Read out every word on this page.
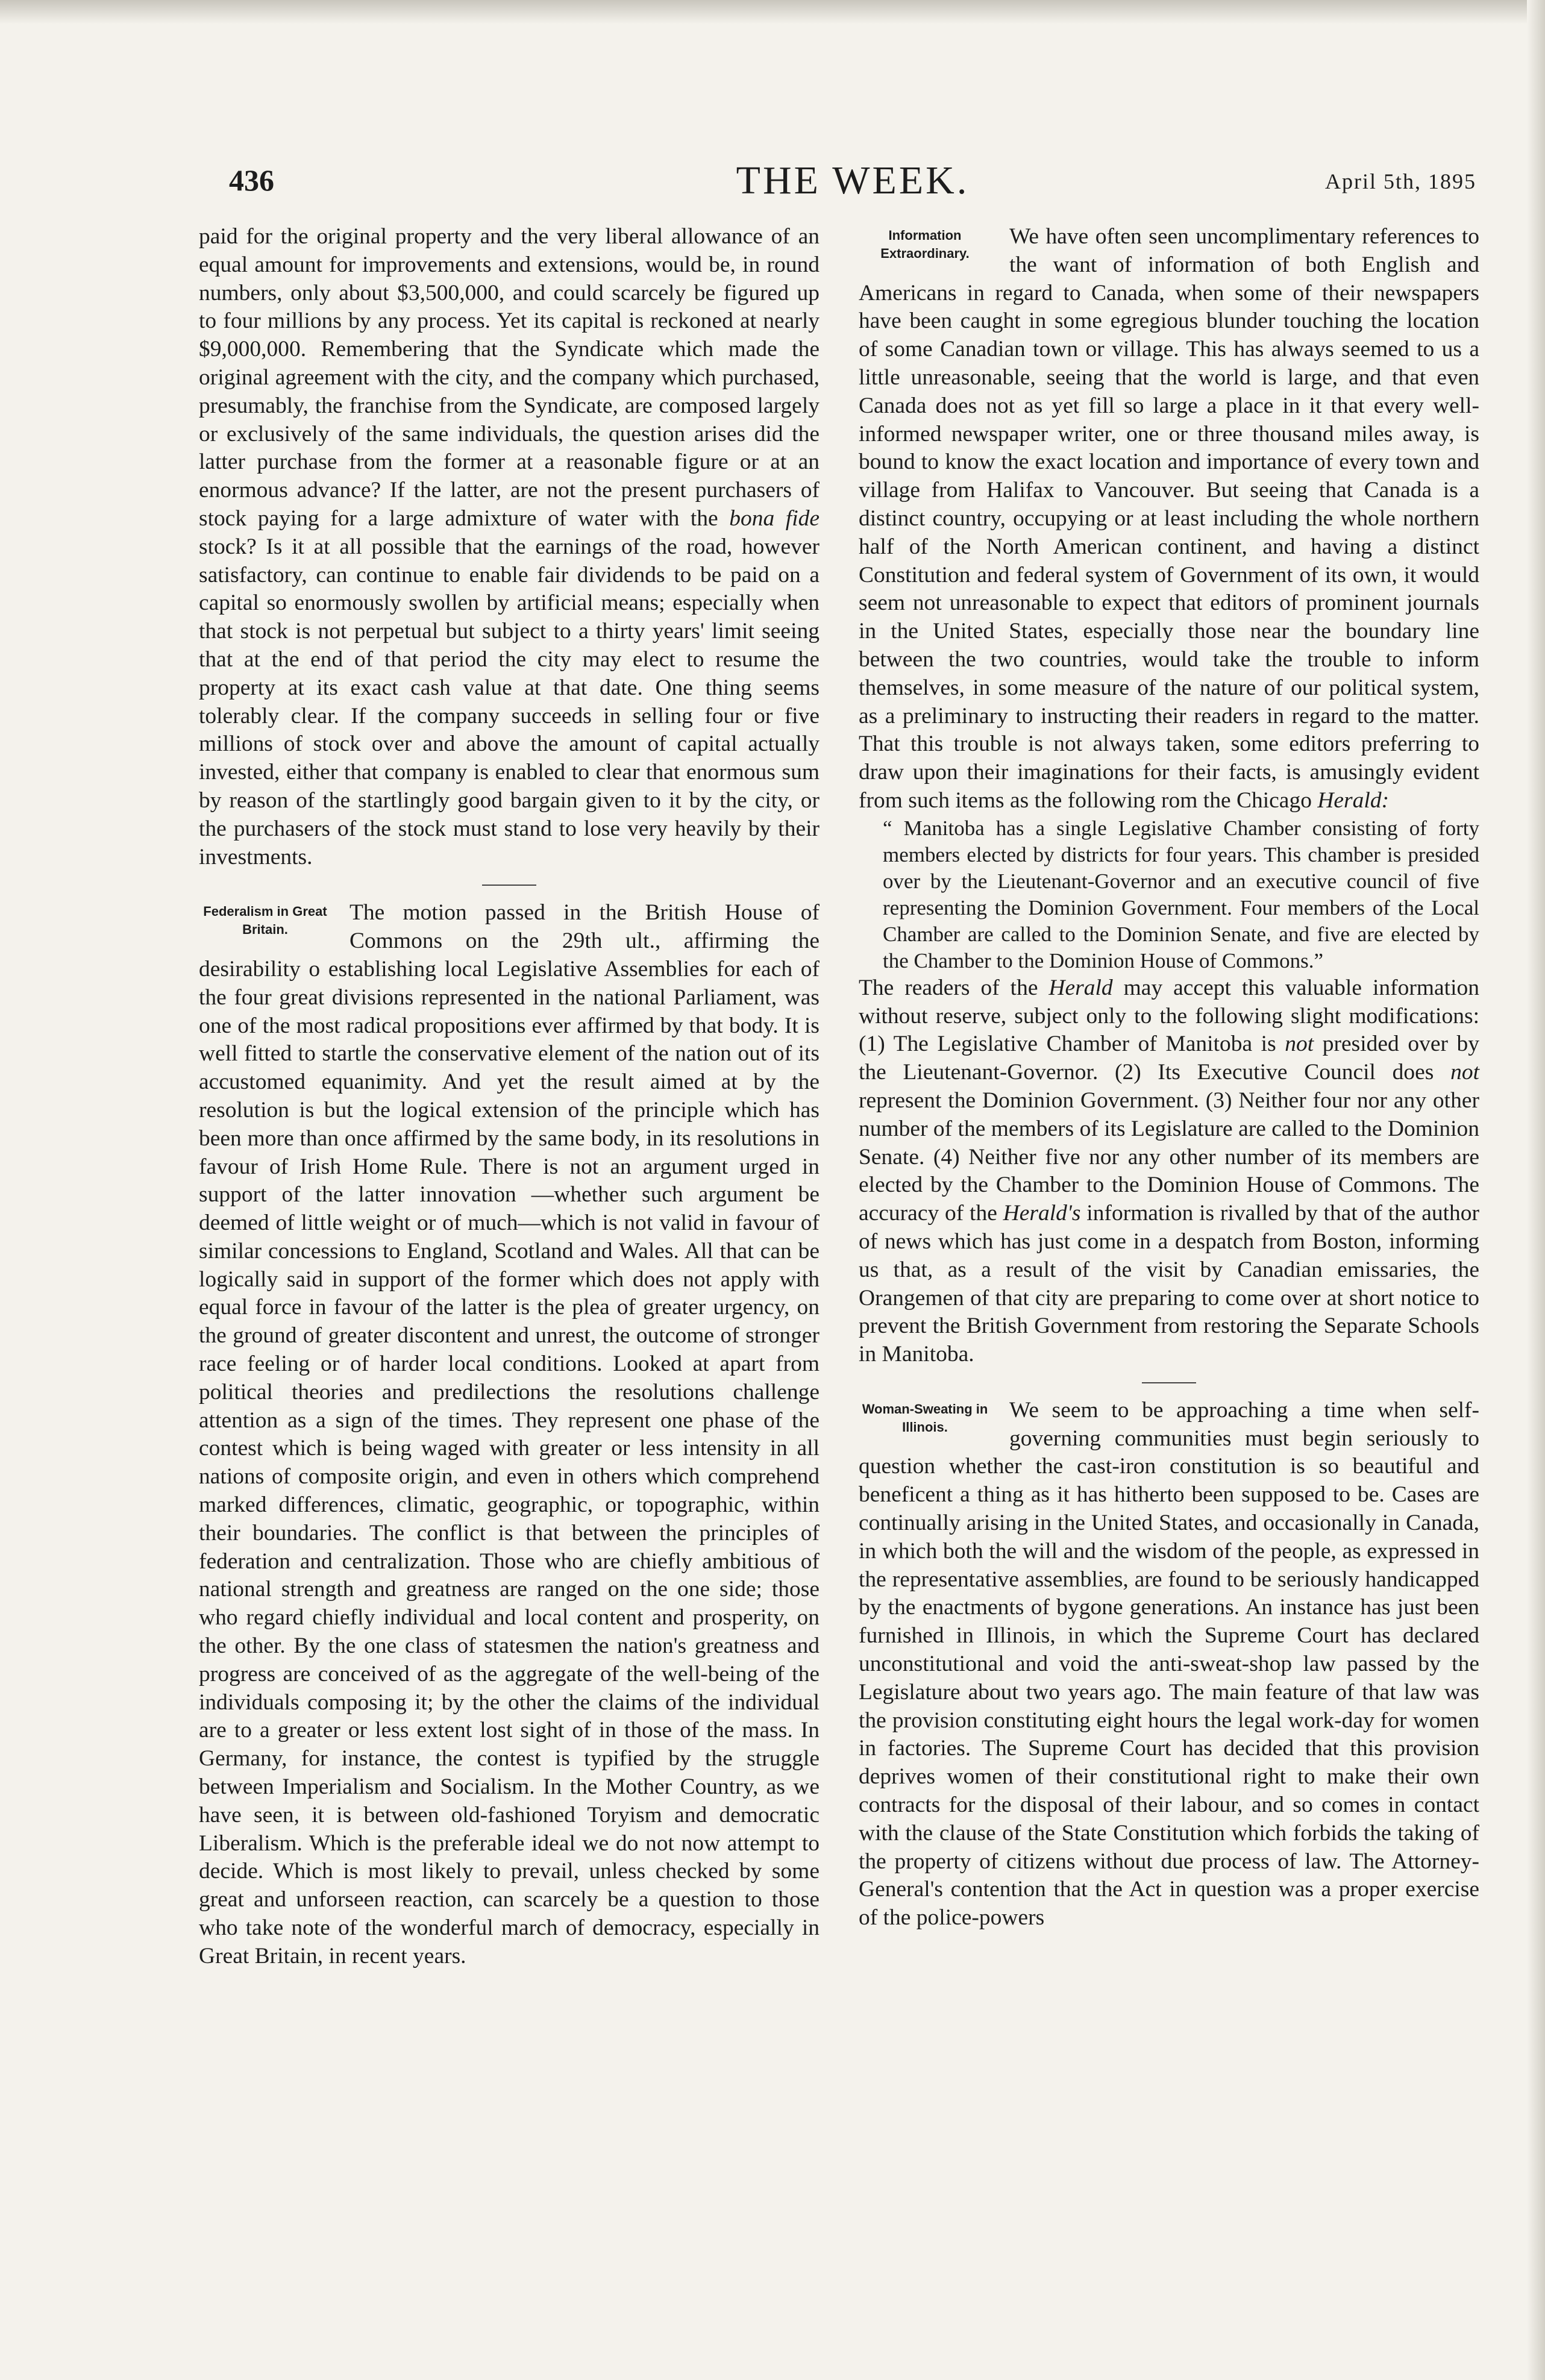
436	THE WEEK.	April 5th, 1895

paid for the original property and the very liberal allowance of an equal amount for improvements and extensions, would be, in round numbers, only about $3,500,000, and could scarcely be figured up to four millions by any process. Yet its capital is reckoned at nearly $9,000,000. Remembering that the Syndicate which made the original agreement with the city, and the company which purchased, presumably, the franchise from the Syndicate, are composed largely or exclusively of the same individuals, the question arises did the latter purchase from the former at a reasonable figure or at an enormous advance? If the latter, are not the present purchasers of stock paying for a large admixture of water with the bona fide stock? Is it at all possible that the earnings of the road, however satisfactory, can continue to enable fair dividends to be paid on a capital so enormously swollen by artificial means; especially when that stock is not perpetual but subject to a thirty years' limit seeing that at the end of that period the city may elect to resume the property at its exact cash value at that date. One thing seems tolerably clear. If the company succeeds in selling four or five millions of stock over and above the amount of capital actually invested, either that company is enabled to clear that enormous sum by reason of the startlingly good bargain given to it by the city, or the purchasers of the stock must stand to lose very heavily by their investments.

Federalism in Great Britain.

The motion passed in the British House of Commons on the 29th ult., affirming the desirability o establishing local Legislative Assemblies for each of the four great divisions represented in the national Parliament, was one of the most radical propositions ever affirmed by that body. It is well fitted to startle the conservative element of the nation out of its accustomed equanimity. And yet the result aimed at by the resolution is but the logical extension of the principle which has been more than once affirmed by the same body, in its resolutions in favour of Irish Home Rule. There is not an argument urged in support of the latter innovation —whether such argument be deemed of little weight or of much—which is not valid in favour of similar concessions to England, Scotland and Wales. All that can be logically said in support of the former which does not apply with equal force in favour of the latter is the plea of greater urgency, on the ground of greater discontent and unrest, the outcome of stronger race feeling or of harder local conditions. Looked at apart from political theories and predilections the resolutions challenge attention as a sign of the times. They represent one phase of the contest which is being waged with greater or less intensity in all nations of composite origin, and even in others which comprehend marked differences, climatic, geographic, or topographic, within their boundaries. The conflict is that between the principles of federation and centralization. Those who are chiefly ambitious of national strength and greatness are ranged on the one side; those who regard chiefly individual and local content and prosperity, on the other. By the one class of statesmen the nation's greatness and progress are conceived of as the aggregate of the well-being of the individuals composing it; by the other the claims of the individual are to a greater or less extent lost sight of in those of the mass. In Germany, for instance, the contest is typified by the struggle between Imperialism and Socialism. In the Mother Country, as we have seen, it is between old-fashioned Toryism and democratic Liberalism. Which is the preferable ideal we do not now attempt to decide. Which is most likely to prevail, unless checked by some great and unforseen reaction, can scarcely be a question to those who take note of the wonderful march of democracy, especially in Great Britain, in recent years.

Information Extraordinary.

We have often seen uncomplimentary references to the want of information of both English and Americans in regard to Canada, when some of their newspapers have been caught in some egregious blunder touching the location of some Canadian town or village. This has always seemed to us a little unreasonable, seeing that the world is large, and that even Canada does not as yet fill so large a place in it that every well-informed newspaper writer, one or three thousand miles away, is bound to know the exact location and importance of every town and village from Halifax to Vancouver. But seeing that Canada is a distinct country, occupying or at least including the whole northern half of the North American continent, and having a distinct Constitution and federal system of Government of its own, it would seem not unreasonable to expect that editors of prominent journals in the United States, especially those near the boundary line between the two countries, would take the trouble to inform themselves, in some measure of the nature of our political system, as a preliminary to instructing their readers in regard to the matter. That this trouble is not always taken, some editors preferring to draw upon their imaginations for their facts, is amusingly evident from such items as the following rom the Chicago Herald:

“ Manitoba has a single Legislative Chamber consisting of forty members elected by districts for four years. This chamber is presided over by the Lieutenant-Governor and an executive council of five representing the Dominion Government. Four members of the Local Chamber are called to the Dominion Senate, and five are elected by the Chamber to the Dominion House of Commons.”

The readers of the Herald may accept this valuable information without reserve, subject only to the following slight modifications: (1) The Legislative Chamber of Manitoba is not presided over by the Lieutenant-Governor. (2) Its Executive Council does not represent the Dominion Government. (3) Neither four nor any other number of the members of its Legislature are called to the Dominion Senate. (4) Neither five nor any other number of its members are elected by the Chamber to the Dominion House of Commons. The accuracy of the Herald's information is rivalled by that of the author of news which has just come in a despatch from Boston, informing us that, as a result of the visit by Canadian emissaries, the Orangemen of that city are preparing to come over at short notice to prevent the British Government from restoring the Separate Schools in Manitoba.

Woman-Sweating in Illinois.

We seem to be approaching a time when self-governing communities must begin seriously to question whether the cast-iron constitution is so beautiful and beneficent a thing as it has hitherto been supposed to be. Cases are continually arising in the United States, and occasionally in Canada, in which both the will and the wisdom of the people, as expressed in the representative assemblies, are found to be seriously handicapped by the enactments of bygone generations. An instance has just been furnished in Illinois, in which the Supreme Court has declared unconstitutional and void the anti-sweat-shop law passed by the Legislature about two years ago. The main feature of that law was the provision constituting eight hours the legal work-day for women in factories. The Supreme Court has decided that this provision deprives women of their constitutional right to make their own contracts for the disposal of their labour, and so comes in contact with the clause of the State Constitution which forbids the taking of the property of citizens without due process of law. The Attorney-General's contention that the Act in question was a proper exercise of the police-powers
